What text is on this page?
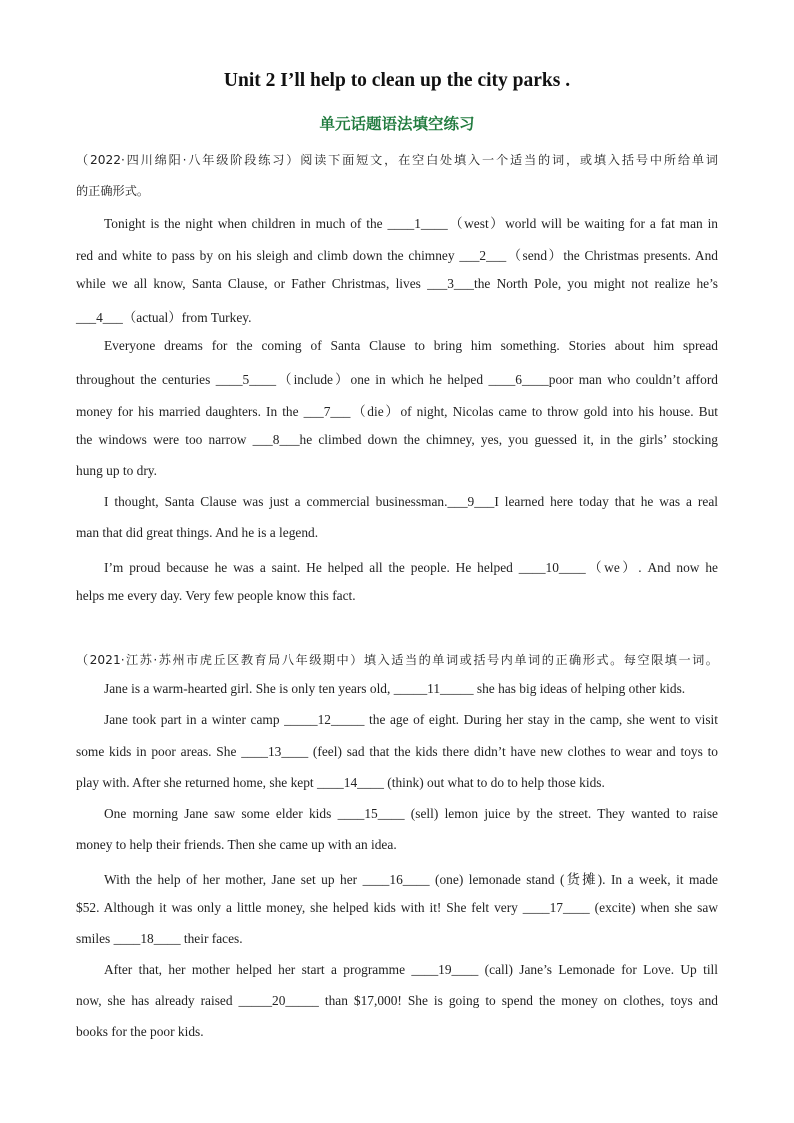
Unit 2 I’ll help to clean up the city parks .
单元话题语法填空练习
（2022·四川绵阳·八年级阶段练习）阅读下面短文，在空白处填入一个适当的词，或填入括号中所给单词
的正确形式。
Tonight is the night when children in much of the ____1____（west）world will be waiting for a fat man in
red and white to pass by on his sleigh and climb down the chimney ___2___（send）the Christmas presents. And
while we all know, Santa Clause, or Father Christmas, lives ___3___the North Pole, you might not realize he’s
___4___（actual）from Turkey.
Everyone dreams for the coming of Santa Clause to bring him something. Stories about him spread
throughout the centuries ____5____（include）one in which he helped ____6____poor man who couldn’t afford
money for his married daughters. In the ___7___（die）of night, Nicolas came to throw gold into his house. But
the windows were too narrow ___8___he climbed down the chimney, yes, you guessed it, in the girls’ stocking
hung up to dry.
I thought, Santa Clause was just a commercial businessman.___9___I learned here today that he was a real
man that did great things. And he is a legend.
I’m proud because he was a saint. He helped all the people. He helped ____10____（we）. And now he
helps me every day. Very few people know this fact.
（2021·江苏·苏州市虎丘区教育局八年级期中）填入适当的单词或括号内单词的正确形式。每空限填一词。
Jane is a warm-hearted girl. She is only ten years old, _____11_____ she has big ideas of helping other kids.
Jane took part in a winter camp _____12_____ the age of eight. During her stay in the camp, she went to visit
some kids in poor areas. She ____13____ (feel) sad that the kids there didn’t have new clothes to wear and toys to
play with. After she returned home, she kept ____14____ (think) out what to do to help those kids.
One morning Jane saw some elder kids ____15____ (sell) lemon juice by the street. They wanted to raise
money to help their friends. Then she came up with an idea.
With the help of her mother, Jane set up her ____16____ (one) lemonade stand (货摊). In a week, it made
$52. Although it was only a little money, she helped kids with it! She felt very ____17____ (excite) when she saw
smiles ____18____ their faces.
After that, her mother helped her start a programme ____19____ (call) Jane’s Lemonade for Love. Up till
now, she has already raised _____20_____ than $17,000! She is going to spend the money on clothes, toys and
books for the poor kids.
